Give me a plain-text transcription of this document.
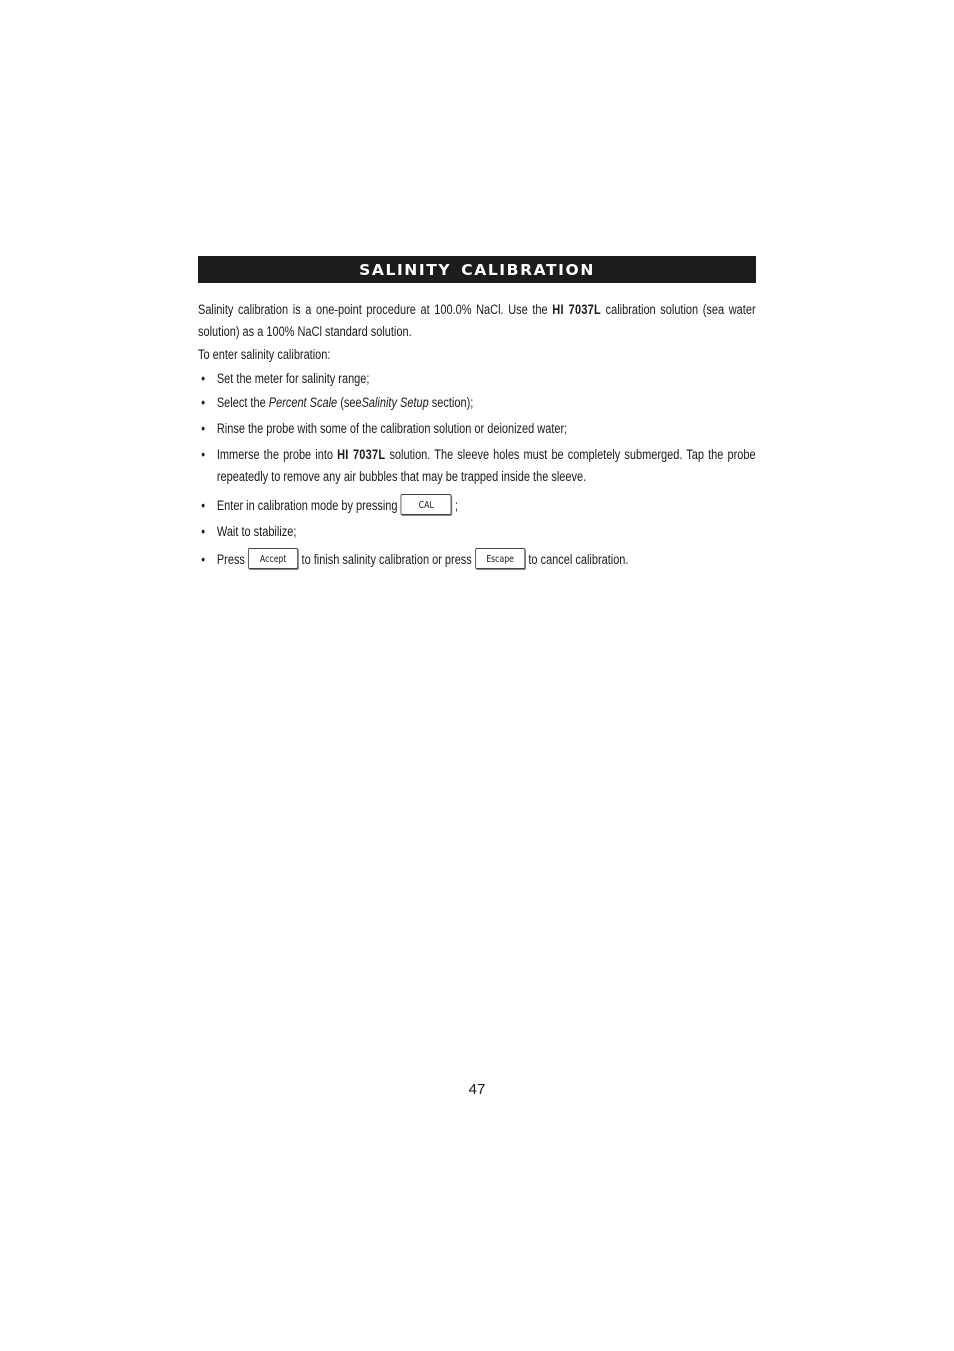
SALINITY CALIBRATION

Salinity calibration is a one-point procedure at 100.0% NaCl. Use the HI 7037L calibration solution (sea water solution) as a 100% NaCl standard solution.

To enter salinity calibration:

• Set the meter for salinity range;
• Select the Percent Scale (seeSalinity Setup section);
• Rinse the probe with some of the calibration solution or deionized water;
• Immerse the probe into HI 7037L solution. The sleeve holes must be completely submerged. Tap the probe repeatedly to remove any air bubbles that may be trapped inside the sleeve.
• Enter in calibration mode by pressing CAL ;
• Wait to stabilize;
• Press Accept to finish salinity calibration or press Escape to cancel calibration.
47
